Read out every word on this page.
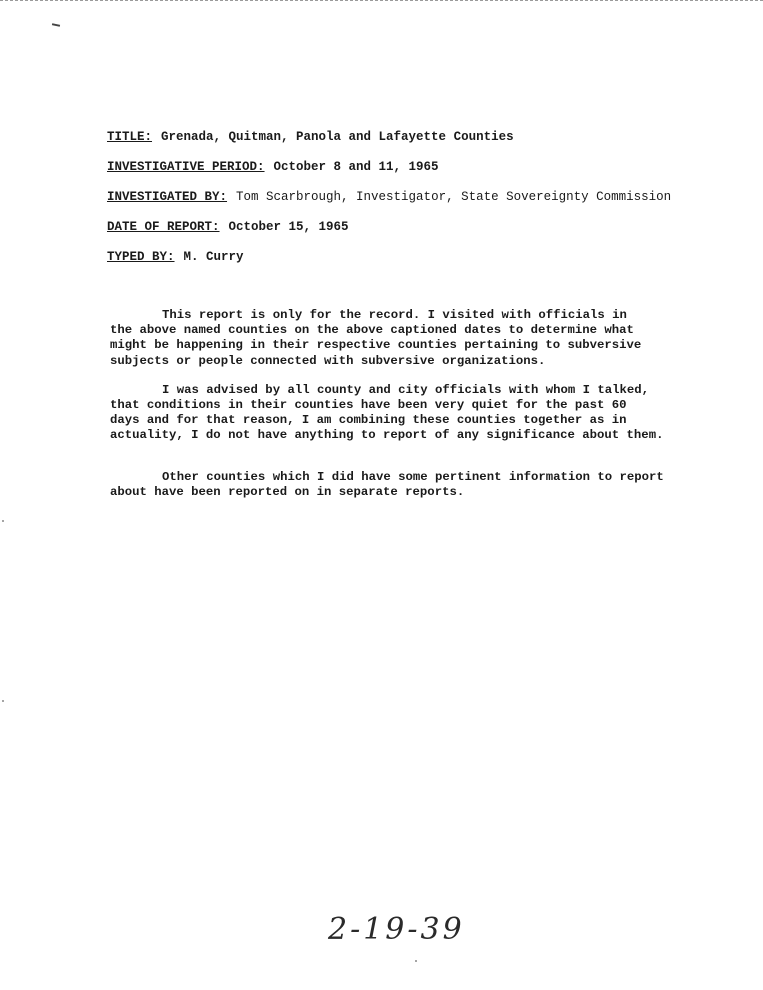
TITLE: Grenada, Quitman, Panola and Lafayette Counties
INVESTIGATIVE PERIOD: October 8 and 11, 1965
INVESTIGATED BY: Tom Scarbrough, Investigator, State Sovereignty Commission
DATE OF REPORT: October 15, 1965
TYPED BY: M. Curry

This report is only for the record. I visited with officials in
the above named counties on the above captioned dates to determine what
might be happening in their respective counties pertaining to subversive
subjects or people connected with subversive organizations.

I was advised by all county and city officials with whom I talked,
that conditions in their counties have been very quiet for the past 60
days and for that reason, I am combining these counties together as in
actuality, I do not have anything to report of any significance about them.

Other counties which I did have some pertinent information to report
about have been reported on in separate reports.

2-19-39
